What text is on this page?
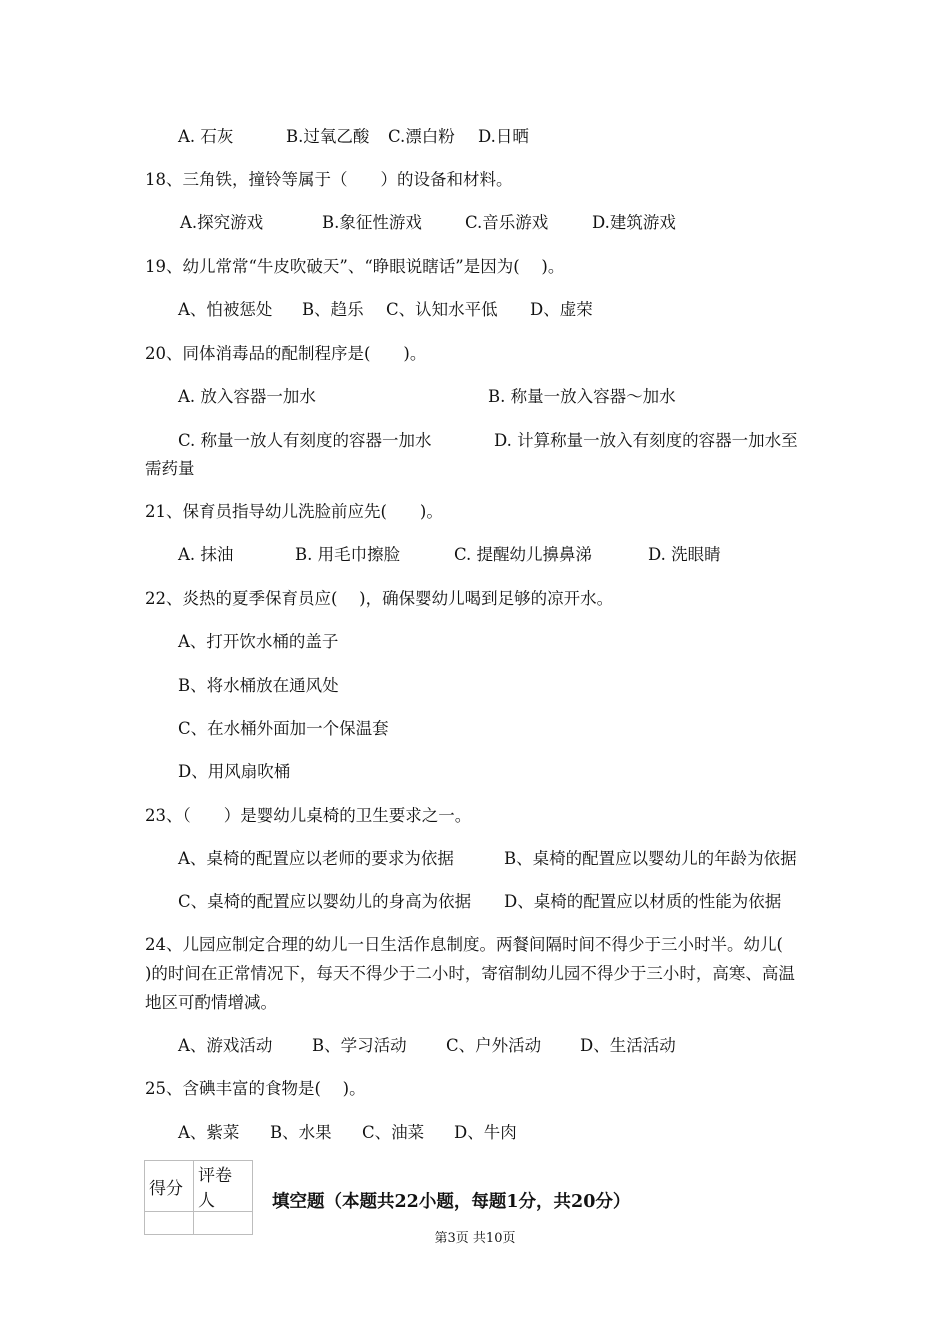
A. 石灰	B.过氧乙酸 C.漂白粉 D.日晒
18、三角铁，撞铃等属于（　　）的设备和材料。
A.探究游戏	B.象征性游戏	C.音乐游戏	D.建筑游戏
19、幼儿常常“牛皮吹破天”、“睁眼说瞎话”是因为(　 )。
A、怕被惩处 B、趋乐 C、认知水平低 D、虚荣
20、同体消毒品的配制程序是(　　)。
A. 放入容器一加水	B. 称量一放入容器～加水
C. 称量一放人有刻度的容器一加水	D. 计算称量一放入有刻度的容器一加水至
需药量
21、保育员指导幼儿洗脸前应先(　　)。
A. 抹油	B. 用毛巾擦脸	C. 提醒幼儿擤鼻涕	D. 洗眼睛
22、炎热的夏季保育员应(　 )，确保婴幼儿喝到足够的凉开水。
A、打开饮水桶的盖子
B、将水桶放在通风处
C、在水桶外面加一个保温套
D、用风扇吹桶
23、（　　）是婴幼儿桌椅的卫生要求之一。
A、桌椅的配置应以老师的要求为依据	B、桌椅的配置应以婴幼儿的年龄为依据
C、桌椅的配置应以婴幼儿的身高为依据 D、桌椅的配置应以材质的性能为依据
24、儿园应制定合理的幼儿一日生活作息制度。两餐间隔时间不得少于三小时半。幼儿(
)的时间在正常情况下，每天不得少于二小时，寄宿制幼儿园不得少于三小时，高寒、高温
地区可酌情增减。
A、游戏活动 B、学习活动 C、户外活动 D、生活活动
25、含碘丰富的食物是(　 )。
A、紫菜 B、水果 C、油菜 D、牛肉
得分	评卷人
		填空题（本题共22小题，每题1分，共20分）
第3页 共10页
